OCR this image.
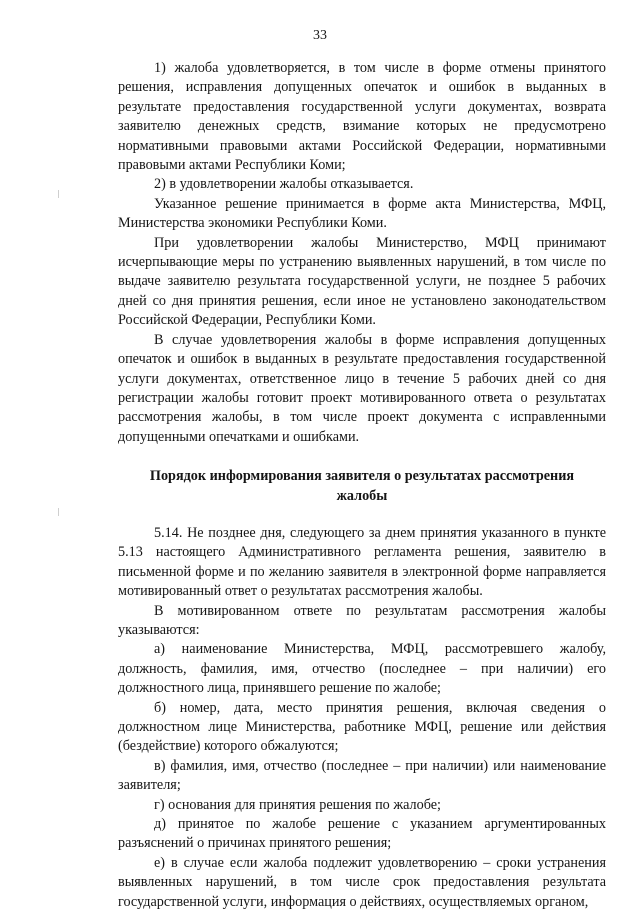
33

1) жалоба удовлетворяется, в том числе в форме отмены принятого решения, исправления допущенных опечаток и ошибок в выданных в результате предоставления государственной услуги документах, возврата заявителю денежных средств, взимание которых не предусмотрено нормативными правовыми актами Российской Федерации, нормативными правовыми актами Республики Коми;

2) в удовлетворении жалобы отказывается.

Указанное решение принимается в форме акта Министерства, МФЦ, Министерства экономики Республики Коми.

При удовлетворении жалобы Министерство, МФЦ принимают исчерпывающие меры по устранению выявленных нарушений, в том числе по выдаче заявителю результата государственной услуги, не позднее 5 рабочих дней со дня принятия решения, если иное не установлено законодательством Российской Федерации, Республики Коми.

В случае удовлетворения жалобы в форме исправления допущенных опечаток и ошибок в выданных в результате предоставления государственной услуги документах, ответственное лицо в течение 5 рабочих дней со дня регистрации жалобы готовит проект мотивированного ответа о результатах рассмотрения жалобы, в том числе проект документа с исправленными допущенными опечатками и ошибками.

Порядок информирования заявителя о результатах рассмотрения жалобы

5.14. Не позднее дня, следующего за днем принятия указанного в пункте 5.13 настоящего Административного регламента решения, заявителю в письменной форме и по желанию заявителя в электронной форме направляется мотивированный ответ о результатах рассмотрения жалобы.

В мотивированном ответе по результатам рассмотрения жалобы указываются:

а) наименование Министерства, МФЦ, рассмотревшего жалобу, должность, фамилия, имя, отчество (последнее – при наличии) его должностного лица, принявшего решение по жалобе;

б) номер, дата, место принятия решения, включая сведения о должностном лице Министерства, работнике МФЦ, решение или действия (бездействие) которого обжалуются;

в) фамилия, имя, отчество (последнее – при наличии) или наименование заявителя;

г) основания для принятия решения по жалобе;

д) принятое по жалобе решение с указанием аргументированных разъяснений о причинах принятого решения;

е) в случае если жалоба подлежит удовлетворению – сроки устранения выявленных нарушений, в том числе срок предоставления результата государственной услуги, информация о действиях, осуществляемых органом,
